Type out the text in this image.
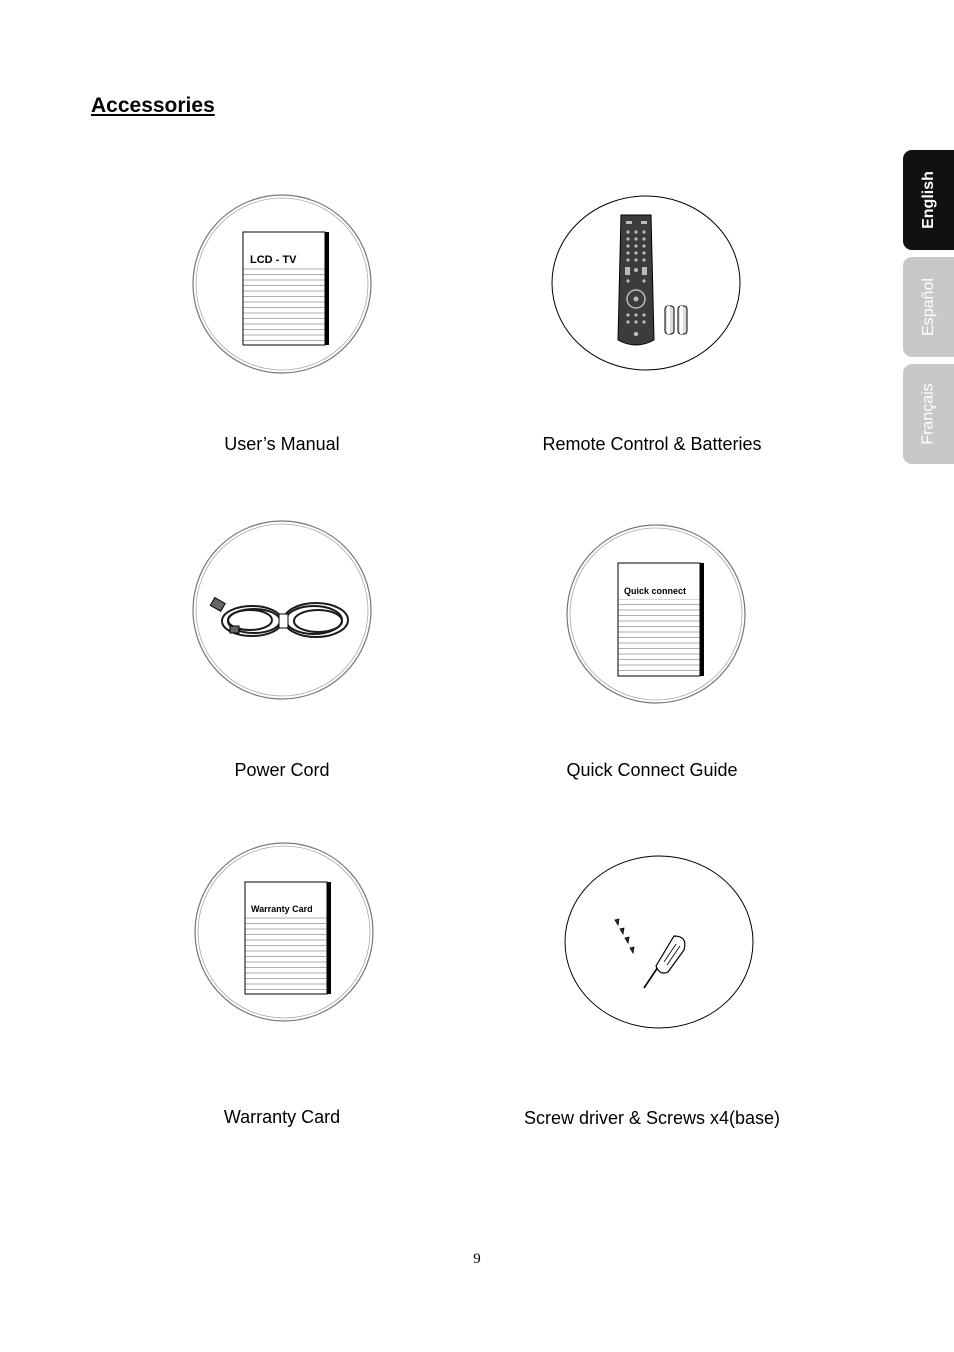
Accessories
English
Español
Français
LCD - TV
Quick connect
Warranty Card
User’s Manual	Remote Control & Batteries
Power Cord	Quick Connect Guide
Warranty Card	Screw driver & Screws x4(base)
9
